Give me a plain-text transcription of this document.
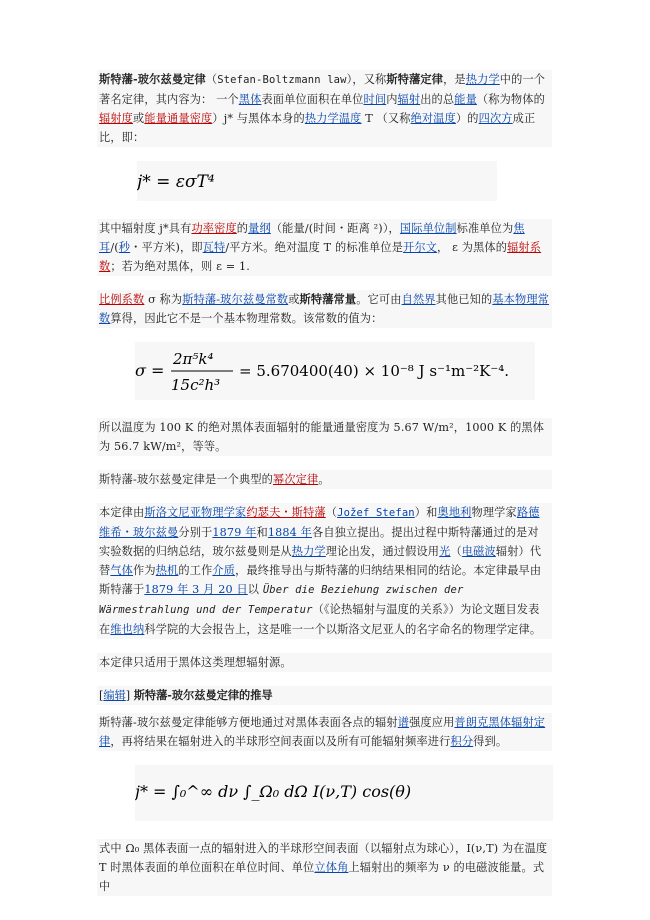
斯特藩-玻尔兹曼定律（Stefan-Boltzmann law），又称斯特藩定律，是热力学中的一个著名定律，其内容为： 一个黑体表面单位面积在单位时间内辐射出的总能量（称为物体的辐射度或能量通量密度）j* 与黑体本身的热力学温度 T （又称绝对温度）的四次方成正比，即：

j* = εσT⁴

其中辐射度 j*具有功率密度的量纲（能量/(时间・距离 ²)），国际单位制标准单位为焦耳/(秒・平方米)，即瓦特/平方米。绝对温度 T 的标准单位是开尔文， ε 为黑体的辐射系数；若为绝对黑体，则 ε = 1.

比例系数 σ 称为斯特藩-玻尔兹曼常数或斯特藩常量。它可由自然界其他已知的基本物理常数算得，因此它不是一个基本物理常数。该常数的值为：

σ =
2π⁵k⁴
15c²h³
= 5.670400(40) × 10⁻⁸ J s⁻¹m⁻²K⁻⁴.

所以温度为 100 K 的绝对黑体表面辐射的能量通量密度为 5.67 W/m²，1000 K 的黑体为 56.7 kW/m²，等等。

斯特藩-玻尔兹曼定律是一个典型的幂次定律。

本定律由斯洛文尼亚物理学家约瑟夫・斯特藩（Jožef Stefan）和奥地利物理学家路德维希・玻尔兹曼分别于1879 年和1884 年各自独立提出。提出过程中斯特藩通过的是对实验数据的归纳总结，玻尔兹曼则是从热力学理论出发，通过假设用光（电磁波辐射）代替气体作为热机的工作介质，最终推导出与斯特藩的归纳结果相同的结论。本定律最早由斯特藩于1879 年 3 月 20 日以 Über die Beziehung zwischen der Wärmestrahlung und der Temperatur（《论热辐射与温度的关系》）为论文题目发表在维也纳科学院的大会报告上，这是唯一一个以斯洛文尼亚人的名字命名的物理学定律。

本定律只适用于黑体这类理想辐射源。

[编辑] 斯特藩-玻尔兹曼定律的推导

斯特藩-玻尔兹曼定律能够方便地通过对黑体表面各点的辐射谱强度应用普朗克黑体辐射定律，再将结果在辐射进入的半球形空间表面以及所有可能辐射频率进行积分得到。

j* = ∫₀^∞ dν ∫_Ω₀ dΩ I(ν,T) cos(θ)

式中 Ω₀ 黑体表面一点的辐射进入的半球形空间表面（以辐射点为球心），I(ν,T) 为在温度 T 时黑体表面的单位面积在单位时间、单位立体角上辐射出的频率为 ν 的电磁波能量。式中
